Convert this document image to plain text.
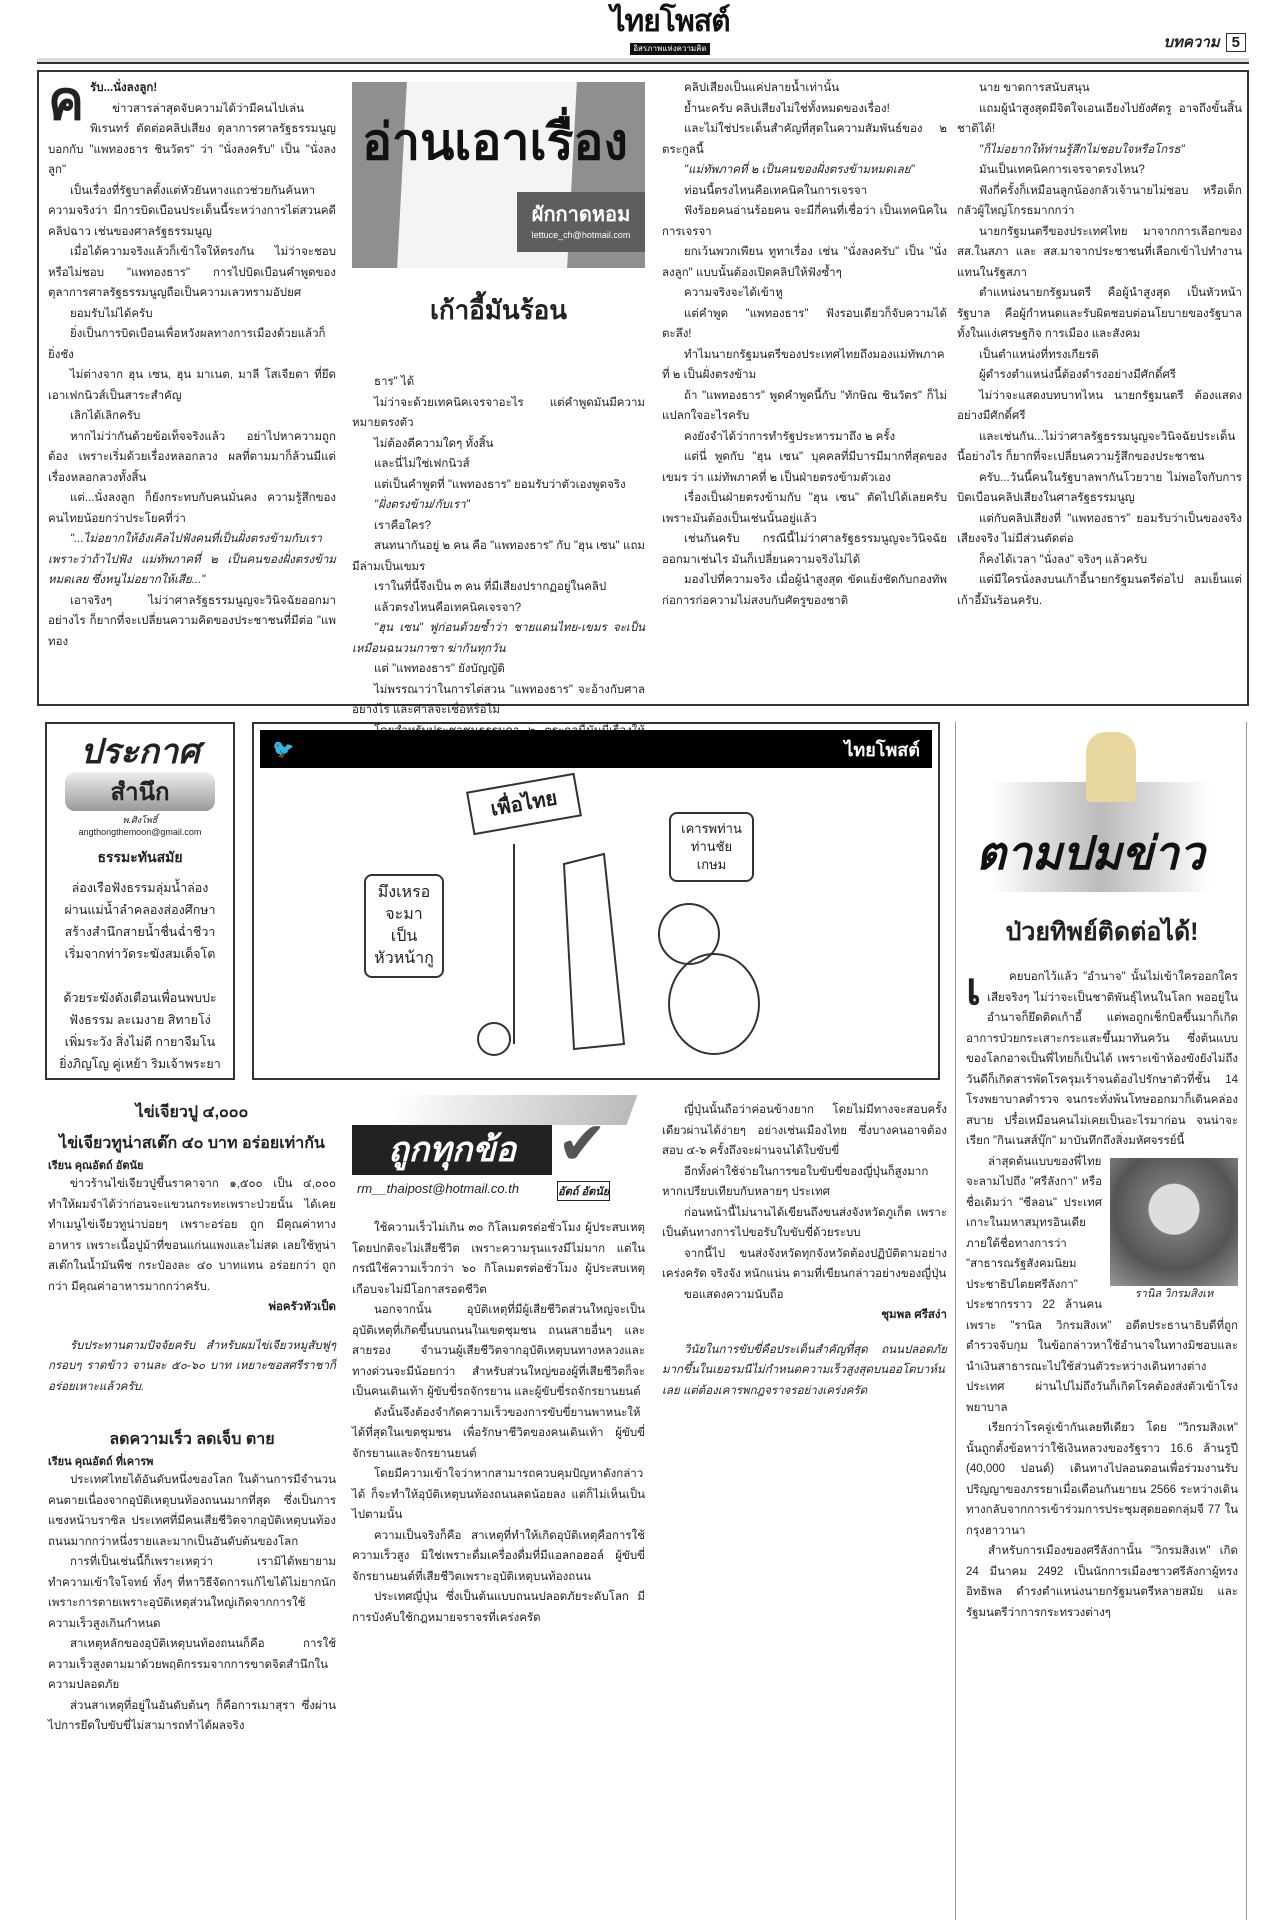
ไทยโพสต์
อิสรภาพแห่งความคิด	บทความ 5
ค รับ...นั่งลงลูก!

ข่าวสารล่าสุดจับความได้ว่ามีคนไปเล่นพิเรนทร์ ตัดต่อคลิปเสียง ตุลาการศาลรัฐธรรมนูญ บอกกับ "แพทองธาร ชินวัตร" ว่า "นั่งลงครับ" เป็น "นั่งลงลูก"

เป็นเรื่องที่รัฐบาลตั้งแต่หัวยันหางแถวช่วยกันค้นหาความจริงว่า มีการบิดเบือนประเด็นนี้ระหว่างการไต่สวนคดีคลิปฉาว เช่นของศาลรัฐธรรมนูญ

เมื่อได้ความจริงแล้วก็เข้าใจให้ตรงกัน ไม่ว่าจะชอบหรือไม่ชอบ "แพทองธาร" การไปบิดเบือนคำพูดของตุลาการศาลรัฐธรรมนูญถือเป็นความเลวทรามอัปยศ

ยอมรับไม่ได้ครับ

ยิ่งเป็นการบิดเบือนเพื่อหวังผลทางการเมืองด้วยแล้วก็ยิ่งชัง

ไม่ต่างจาก ฮุน เซน, ฮุน มาเนต, มาลี โสเจียตา ที่ยึดเอาเฟกนิวส์เป็นสาระสำคัญ

เลิกได้เลิกครับ

หากไม่ว่ากันด้วยข้อเท็จจริงแล้ว อย่าไปหาความถูกต้อง เพราะเริ่มด้วยเรื่องหลอกลวง ผลที่ตามมาก็ล้วนมีแต่เรื่องหลอกลวงทั้งสิ้น

แต่...นั่งลงลูก ก็ยังกระทบกับคนมั่นคง ความรู้สึกของคนไทยน้อยกว่าประโยคที่ว่า

"...ไม่อยากให้อังเคิลไปฟังคนที่เป็นฝั่งตรงข้ามกับเรา เพราะว่าถ้าไปฟัง แม่ทัพภาคที่ ๒ เป็นคนของฝั่งตรงข้ามหมดเลย ซึ่งหนูไม่อยากให้เสีย..."

เอาจริงๆ ไม่ว่าศาลรัฐธรรมนูญจะวินิจฉัยออกมาอย่างไร ก็ยากที่จะเปลี่ยนความคิดของประชาชนที่มีต่อ "แพทอง

อ่านเอาเรื่อง
ผักกาดหอม
lettuce_ch@hotmail.com
เก้าอี้มันร้อน

ธาร" ได้

ไม่ว่าจะด้วยเทคนิคเจรจาอะไร แต่คำพูดมันมีความหมายตรงตัว

ไม่ต้องตีความใดๆ ทั้งสิ้น

และนี่ไม่ใช่เฟกนิวส์

แต่เป็นคำพูดที่ "แพทองธาร" ยอมรับว่าตัวเองพูดจริง

"ฝั่งตรงข้าม/กับเรา"

เราคือใคร?

สนทนากันอยู่ ๒ คน คือ "แพทองธาร" กับ "ฮุน เซน" แถมมีล่ามเป็นเขมร

เราในที่นี้จึงเป็น ๓ คน ที่มีเสียงปรากฏอยู่ในคลิป

แล้วตรงไหนคือเทคนิคเจรจา?

"ฮุน เซน" ฟูก่อนด้วยซ้ำว่า ชายแดนไทย-เขมร จะเป็นเหมือนฉนวนกาซา ฆ่ากันทุกวัน

แต่ "แพทองธาร" ยังบัญญัติ

ไม่พรรณาว่าในการไต่สวน "แพทองธาร" จะอ้างกับศาลอย่างไร และศาลจะเชื่อหรือไม่

คลิปเสียงเป็นแค่ปลายน้ำเท่านั้น

ย้ำนะครับ คลิปเสียงไม่ใช่ทั้งหมดของเรื่อง!

และไม่ใช่ประเด็นสำคัญที่สุดในความสัมพันธ์ของ ๒ ตระกูลนี้

"แม่ทัพภาคที่ ๒ เป็นคนของฝั่งตรงข้ามหมดเลย"

ท่อนนี้ตรงไหนคือเทคนิคในการเจรจา

ฟังร้อยคนอ่านร้อยคน จะมีกี่คนที่เชื่อว่า เป็นเทคนิคในการเจรจา

ยกเว้นพวกเพียน ทูทาเรื่อง เช่น "นั่งลงครับ" เป็น "นั่งลงลูก" แบบนั้นต้องเปิดคลิปให้ฟังซ้ำๆ

ความจริงจะได้เข้าหู

แต่คำพูด "แพทองธาร" ฟังรอบเดียวก็จับความได้ตะลึง!

ทำไมนายกรัฐมนตรีของประเทศไทยถึงมองแม่ทัพภาคที่ ๒ เป็นฝั่งตรงข้าม

ถ้า "แพทองธาร" พูดคำพูดนี้กับ "ทักษิณ ชินวัตร" ก็ไม่แปลกใจอะไรครับ

คงยังจำได้ว่าการทำรัฐประหารมาถึง ๒ ครั้ง

แต่นี่ พูดกับ "ฮุน เซน" บุคคลที่มีบารมีมากที่สุดของเขมร ว่า แม่ทัพภาคที่ ๒ เป็นฝ่ายตรงข้ามตัวเอง

เรื่องเป็นฝ่ายตรงข้ามกับ "ฮุน เซน" ตัดไปได้เลยครับ เพราะมันต้องเป็นเช่นนั้นอยู่แล้ว

เช่นกันครับ กรณีนี้ไม่ว่าศาลรัฐธรรมนูญจะวินิจฉัยออกมาเช่นไร มันก็เปลี่ยนความจริงไม่ได้

มองไปที่ความจริง เมื่อผู้นำสูงสุด ขัดแย้งชัดกับกองทัพ ก่อการก่อความไม่สงบกับศัตรูของชาติ

นาย ขาดการสนับสนุน

แถมผู้นำสูงสุดมีจิตใจเอนเอียงไปยังศัตรู อาจถึงขั้นสิ้นชาติได้!

"ก็ไม่อยากให้ท่านรู้สึกไม่ชอบใจหรือโกรธ"

มันเป็นเทคนิคการเจรจาตรงไหน?

ฟังกี่ครั้งก็เหมือนลูกน้องกลัวเจ้านายไม่ชอบ หรือเด็กกลัวผู้ใหญ่โกรธมากกว่า

นายกรัฐมนตรีของประเทศไทย มาจากการเลือกของ สส.ในสภา และ สส.มาจากประชาชนที่เลือกเข้าไปทำงานแทนในรัฐสภา

ตำแหน่งนายกรัฐมนตรี คือผู้นำสูงสุด เป็นหัวหน้ารัฐบาล คือผู้กำหนดและรับผิดชอบต่อนโยบายของรัฐบาล ทั้งในแง่เศรษฐกิจ การเมือง และสังคม

เป็นตำแหน่งที่ทรงเกียรติ

ผู้ดำรงตำแหน่งนี้ต้องดำรงอย่างมีศักดิ์ศรี

ไม่ว่าจะแสดงบทบาทไหน นายกรัฐมนตรี ต้องแสดงอย่างมีศักดิ์ศรี

และเช่นกัน...ไม่ว่าศาลรัฐธรรมนูญจะวินิจฉัยประเด็นนี้อย่างไร ก็ยากที่จะเปลี่ยนความรู้สึกของประชาชน

ครับ...วันนี้คนในรัฐบาลพากันโวยวาย ไม่พอใจกับการบิดเบือนคลิปเสียงในศาลรัฐธรรมนูญ

แต่กับคลิปเสียงที่ "แพทองธาร" ยอมรับว่าเป็นของจริงเสียงจริง ไม่มีส่วนตัดต่อ

ก็คงได้เวลา "นั่งลง" จริงๆ แล้วครับ

แต่มีใครนั่งลงบนเก้าอี้นายกรัฐมนตรีต่อไป ลมเย็นแต่เก้าอี้มันร้อนครับ.

ประกาศ
สำนึก
พ.ศิงโพธิ์
angthongthemoon@gmail.com
ธรรมะทันสมัย
ล่องเรือฟังธรรมลุ่มน้ำล่อง
ผ่านแม่น้ำลำคลองส่องศึกษา
สร้างสำนึกสายน้ำชื่นฉ่ำชีวา
เริ่มจากท่าวัดระฆังสมเด็จโต
ด้วยระฆังดังเตือนเพื่อนพบปะ
ฟังธรรม ละเมงาย สิทายโง่
เพิ่มระวัง สิ่งไม่ดี กายาจีมโน
ยิ่งภิญโญ คู่เหย้า ริมเจ้าพระยา
🐦	ไทยโพสต์
เพื่อไทย
มึงเหรอ จะมาเป็น หัวหน้ากู
เคารพท่าน ท่านชัยเกษม	ตามปมข่าว
ป่วยทิพย์ติดต่อได้!
เ	คยบอกไว้แล้ว "อำนาจ" นั้นไม่เข้าใครออกใคร เสียจริงๆ ไม่ว่าจะเป็นชาติพันธุ์ไหนในโลก พออยู่ในอำนาจก็ยึดติดเก้าอี้ แต่พอถูกเช็กบิลขึ้นมาก็เกิดอาการป่วยกระเสาะกระแสะขึ้นมาทันควัน ซึ่งต้นแบบของโลกอาจเป็นพี่ไทยก็เป็นได้ เพราะเข้าห้องขังยังไม่ถึงวันดีก็เกิดสารพัดโรครุมเร้าจนต้องไปรักษาตัวที่ชั้น 14 โรงพยาบาลตำรวจ จนกระทั่งพ้นโทษออกมาก็เดินคล่องสบาย ปรื๋อเหมือนคนไม่เคยเป็นอะไรมาก่อน จนน่าจะเรียก "กินเนสส์บุ๊ก" มาบันทึกถึงสิ่งมหัศจรรย์นี้

รานิล วิกรมสิงเห

ล่าสุดต้นแบบของพี่ไทยจะลามไปถึง "ศรีลังกา" หรือชื่อเดิมว่า "ซีลอน" ประเทศเกาะในมหาสมุทรอินเดีย ภายใต้ชื่อทางการว่า "สาธารณรัฐสังคมนิยมประชาธิปไตยศรีลังกา" ประชากรราว 22 ล้านคน เพราะ "รานิล วิกรมสิงเห" อดีตประธานาธิบดีที่ถูกตำรวจจับกุม ในข้อกล่าวหาใช้อำนาจในทางมิชอบและนำเงินสาธารณะไปใช้ส่วนตัวระหว่างเดินทางต่างประเทศ ผ่านไปไม่ถึงวันก็เกิดโรคต้องส่งตัวเข้าโรงพยาบาล

เรียกว่าโรคจู่เข้ากันเลยทีเดียว โดย "วิกรมสิงเห" นั้นถูกตั้งข้อหาว่าใช้เงินหลวงของรัฐราว 16.6 ล้านรูปี (40,000 ปอนด์) เดินทางไปลอนดอนเพื่อร่วมงานรับปริญญาของภรรยาเมื่อเดือนกันยายน 2566 ระหว่างเดินทางกลับจากการเข้าร่วมการประชุมสุดยอดกลุ่มจี 77 ในกรุงฮาวานา

สำหรับการเมืองของศรีลังกานั้น "วิกรมสิงเห" เกิด 24 มีนาคม 2492 เป็นนักการเมืองชาวศรีลังกาผู้ทรงอิทธิพล ดำรงตำแหน่งนายกรัฐมนตรีหลายสมัย และรัฐมนตรีว่าการกระทรวงต่างๆ

ไข่เจียวปู ๔,๐๐๐
ไข่เจียวทูน่าสเต๊ก ๔๐ บาท อร่อยเท่ากัน
เรียน คุณอัตถ์ อัตนัย

ข่าวร้านไข่เจียวปูขึ้นราคาจาก ๑,๕๐๐ เป็น ๔,๐๐๐ ทำให้ผมจำได้ว่าก่อนจะแขวนกระทะเพราะป่วยนั้น ได้เคยทำเมนูไข่เจียวทูน่าบ่อยๆ เพราะอร่อย ถูก มีคุณค่าทางอาหาร เพราะเนื้อปูม้าที่ขอนแก่นแพงและไม่สด เลยใช้ทูน่าสเต๊กในน้ำมันพืช กระป๋องละ ๔๐ บาทแทน อร่อยกว่า ถูกกว่า มีคุณค่าอาหารมากกว่าครับ.

พ่อครัวหัวเป็ด

รับประทานตามปัจจัยครับ สำหรับผมไข่เจียวหมูสับฟูๆ กรอบๆ ราดข้าว จานละ ๕๐-๖๐ บาท เหยาะซอสศรีราชาก็อร่อยเหาะแล้วครับ.

ลดความเร็ว ลดเจ็บ ตาย
เรียน คุณอัตถ์ ที่เคารพ

ประเทศไทยได้อันดับหนึ่งของโลก ในด้านการมีจำนวนคนตายเนื่องจากอุบัติเหตุบนท้องถนนมากที่สุด ซึ่งเป็นการแซงหน้าบราซิล ประเทศที่มีคนเสียชีวิตจากอุบัติเหตุบนท้องถนนมากกว่าหนึ่งรายและมากเป็นอันดับต้นของโลก

การที่เป็นเช่นนี้ก็เพราะเหตุว่า เรามิได้พยายามทำความเข้าใจโจทย์ ทั้งๆ ที่หาวิธีจัดการแก้ไขได้ไม่ยากนัก เพราะการตายเพราะอุบัติเหตุส่วนใหญ่เกิดจากการใช้ความเร็วสูงเกินกำหนด

สาเหตุหลักของอุบัติเหตุบนท้องถนนก็คือ การใช้ความเร็วสูงตามมาด้วยพฤติกรรมจากการขาดจิตสำนึกในความปลอดภัย

ส่วนสาเหตุที่อยู่ในอันดับต้นๆ ก็คือการเมาสุรา ซึ่งผ่านไปการยึดใบขับขี่ไม่สามารถทำได้ผลจริง

ถูกทุกข้อ ✔
rm__thaipost@hotmail.co.th	อัตถ์ อัตนัย

ใช้ความเร็วไม่เกิน ๓๐ กิโลเมตรต่อชั่วโมง ผู้ประสบเหตุโดยปกติจะไม่เสียชีวิต เพราะความรุนแรงมีไม่มาก แต่ในกรณีใช้ความเร็วกว่า ๖๐ กิโลเมตรต่อชั่วโมง ผู้ประสบเหตุเกือบจะไม่มีโอกาสรอดชีวิต

นอกจากนั้น อุบัติเหตุที่มีผู้เสียชีวิตส่วนใหญ่จะเป็นอุบัติเหตุที่เกิดขึ้นบนถนนในเขตชุมชน ถนนสายอื่นๆ และสายรอง จำนวนผู้เสียชีวิตจากอุบัติเหตุบนทางหลวงและทางด่วนจะมีน้อยกว่า สำหรับส่วนใหญ่ของผู้ที่เสียชีวิตก็จะเป็นคนเดินเท้า ผู้ขับขี่รถจักรยาน และผู้ขับขี่รถจักรยานยนต์

ดังนั้นจึงต้องจำกัดความเร็วของการขับขี่ยานพาหนะให้ได้ที่สุดในเขตชุมชน เพื่อรักษาชีวิตของคนเดินเท้า ผู้ขับขี่จักรยานและจักรยานยนต์

โดยมีความเข้าใจว่าหากสามารถควบคุมปัญหาดังกล่าวได้ ก็จะทำให้อุบัติเหตุบนท้องถนนลดน้อยลง แต่ก็ไม่เห็นเป็นไปตามนั้น

ความเป็นจริงก็คือ สาเหตุที่ทำให้เกิดอุบัติเหตุคือการใช้ความเร็วสูง มิใช่เพราะดื่มเครื่องดื่มที่มีแอลกอฮอล์ ผู้ขับขี่จักรยานยนต์ที่เสียชีวิตเพราะอุบัติเหตุบนท้องถนน

ประเทศญี่ปุ่น ซึ่งเป็นต้นแบบถนนปลอดภัยระดับโลก มีการบังคับใช้กฎหมายจราจรที่เคร่งครัด

ญี่ปุ่นนั้นถือว่าค่อนข้างยาก โดยไม่มีทางจะสอบครั้งเดียวผ่านได้ง่ายๆ อย่างเช่นเมืองไทย ซึ่งบางคนอาจต้องสอบ ๔-๖ ครั้งถึงจะผ่านจนได้ใบขับขี่

อีกทั้งค่าใช้จ่ายในการขอใบขับขี่ของญี่ปุ่นก็สูงมาก หากเปรียบเทียบกับหลายๆ ประเทศ

ก่อนหน้านี้ไม่นานได้เขียนถึงขนส่งจังหวัดภูเก็ต เพราะเป็นต้นทางการไปขอรับใบขับขี่ด้วยระบบ

จากนี้ไป ขนส่งจังหวัดทุกจังหวัดต้องปฏิบัติตามอย่างเคร่งครัด จริงจัง หนักแน่น ตามที่เขียนกล่าวอย่างของญี่ปุ่น

ขอแสดงความนับถือ

ชุมพล ศรีสง่า

วินัยในการขับขี่คือประเด็นสำคัญที่สุด ถนนปลอดภัยมากขึ้นในเยอรมนีไม่กำหนดความเร็วสูงสุดบนออโตบาห์นเลย แต่ต้องเคารพกฎจราจรอย่างเคร่งครัด
